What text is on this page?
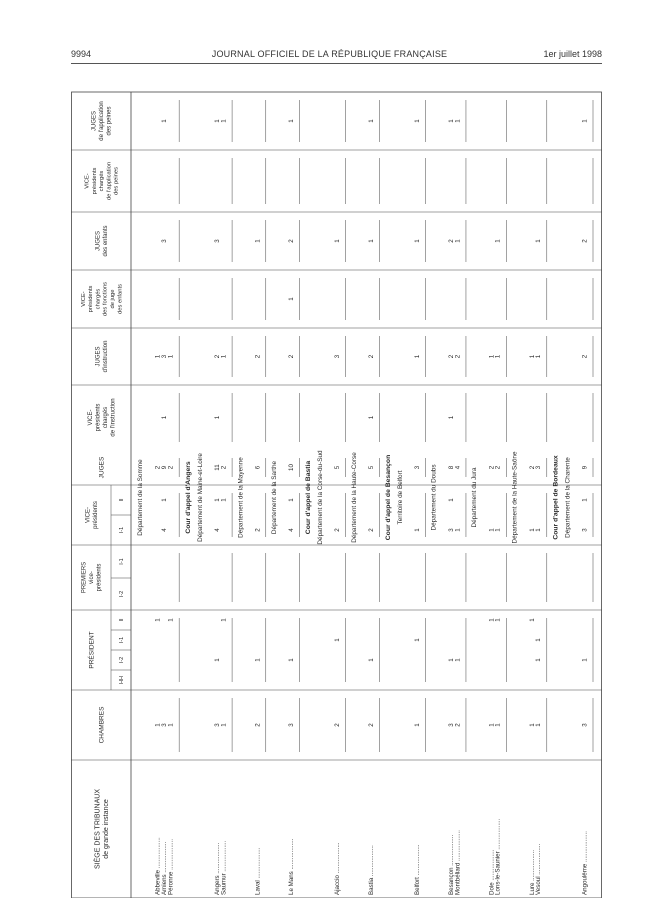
9994	JOURNAL OFFICIEL DE LA RÉPUBLIQUE FRANÇAISE	1er juillet 1998
SIÈGE DES TRIBUNAUX de grande instance
CHAMBRES
PRÉSIDENT
PREMIERS vice- présidents
VICE- présidents
JUGES
VICE- présidents chargés de l'instruction
JUGES d'instruction
VICE- présidents chargés des fonctions de juge des enfants
JUGES des enfants
VICE- présidents chargés de l'application des peines
JUGES de l'application des peines
HH
I-2
I-1
II
I-2
I-1
I-1
II Département de la Somme
Abbeville ..................
1
1
2
1
Amiens ..................
3
4
1
9
1
3
3
1
Péronne ..................
1
1
2
1
Cour d'appel d'Angers Département de Maine-et-Loire
Angers ..................
3
1
4
1
11
1
2
3
1
Saumur ..................
1
1
1
2
1
1
Département de la Mayenne
Laval ..................
2
1
2
6
2
1
Département de la Sarthe
Le Mans ..................
3
1
4
1
10
2
1
2
1
Cour d'appel de Bastia Département de la Corse-du-Sud
Ajaccio ..................
2
1
2
5
3
1
Département de la Haute-Corse
Bastia ..................
2
1
2
5
1
2
1
1
Cour d'appel de Besançon Territoire de Belfort
Belfort ..................
1
1
1
3
1
1
1
Département du Doubs
Besançon ..................
3
1
3
1
8
1
2
2
1
Montbéliard ..................
2
1
1
4
2
1
1
Département du Jura
Dole ..................
1
1
1
2
1
Lons-le-Saunier ..................
1
1
1
2
1
1
Département de la Haute-Saône
Lure ..................
1
1
1
2
1
Vesoul ..................
1
1
1
1
3
1
1
Cour d'appel de Bordeaux Département de la Charente
Angoulême ..................
3
1
3
1
9
2
2
1
